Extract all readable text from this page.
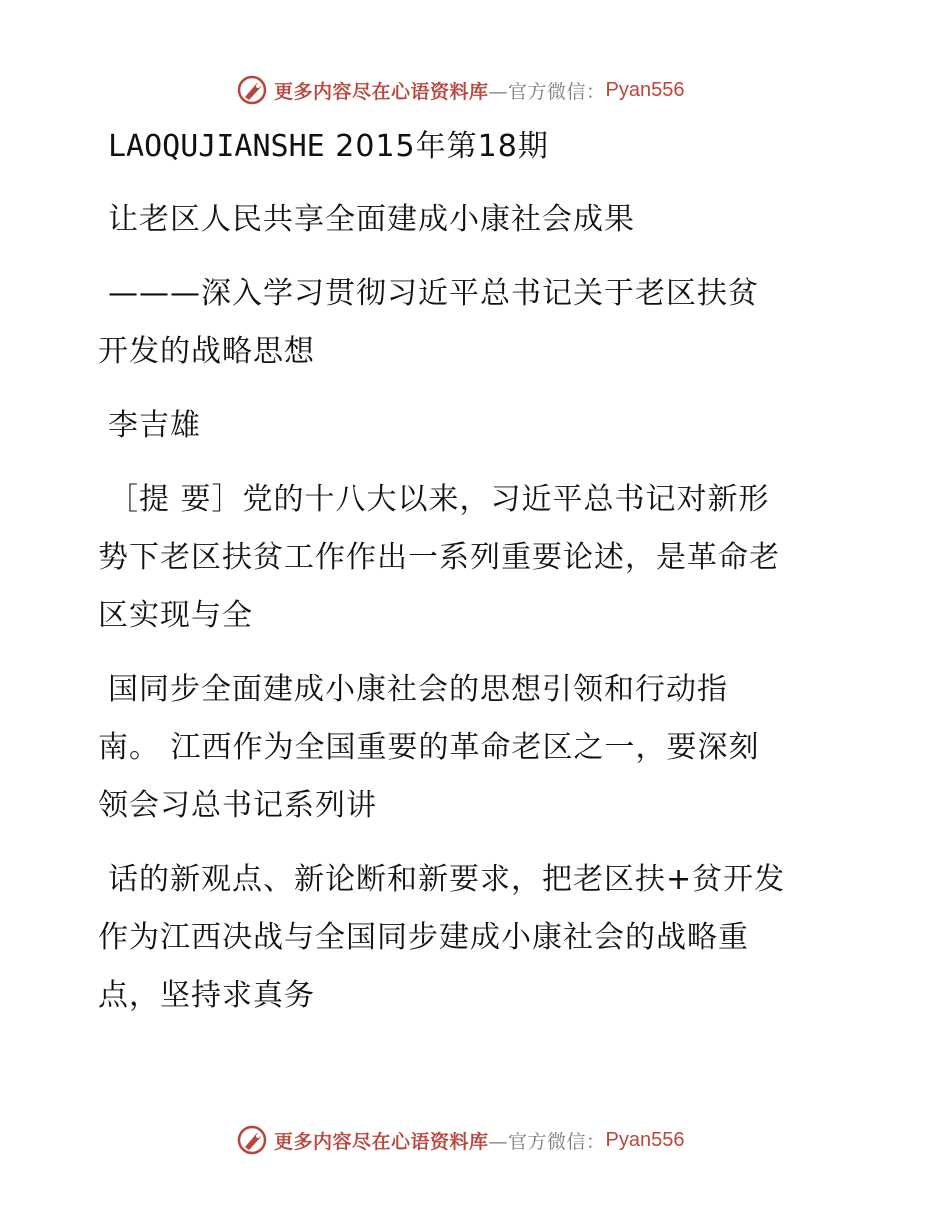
更多内容尽在心语资料库 —官方微信： Pyan556
LAOQUJIANSHE 2015年第18期
让老区人民共享全面建成小康社会成果
———深入学习贯彻习近平总书记关于老区扶贫
开发的战略思想
李吉雄
［提 要］党的十八大以来，习近平总书记对新形
势下老区扶贫工作作出一系列重要论述，是革命老
区实现与全
国同步全面建成小康社会的思想引领和行动指
南。 江西作为全国重要的革命老区之一，要深刻
领会习总书记系列讲
话的新观点、新论断和新要求，把老区扶+贫开发
作为江西决战与全国同步建成小康社会的战略重
点，坚持求真务
更多内容尽在心语资料库 —官方微信： Pyan556
